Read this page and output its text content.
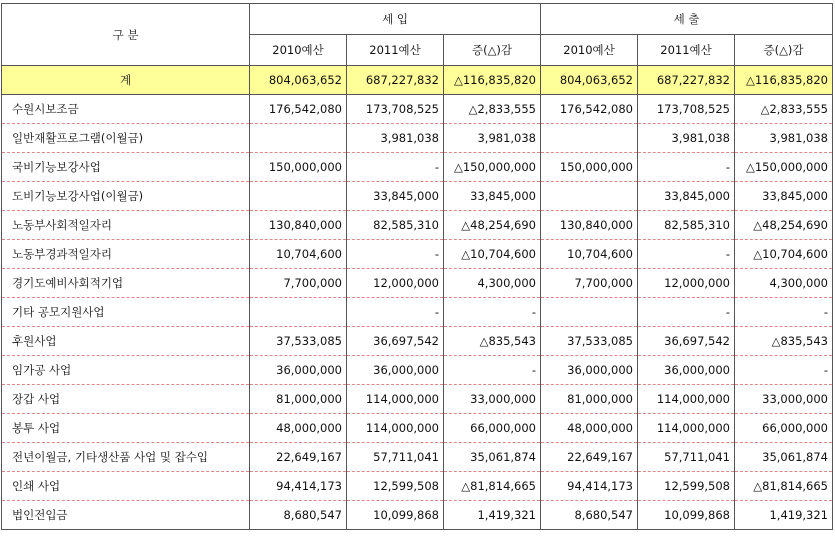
구 분	세 입			세 출		
	2010예산	2011예산	증(△)감	2010예산	2011예산	증(△)감
계	804,063,652	687,227,832	△116,835,820	804,063,652	687,227,832	△116,835,820
수원시보조금	176,542,080	173,708,525	△2,833,555	176,542,080	173,708,525	△2,833,555
일반재활프로그램(이월금)		3,981,038	3,981,038		3,981,038	3,981,038
국비기능보강사업	150,000,000	-	△150,000,000	150,000,000	-	△150,000,000
도비기능보강사업(이월금)		33,845,000	33,845,000		33,845,000	33,845,000
노동부사회적일자리	130,840,000	82,585,310	△48,254,690	130,840,000	82,585,310	△48,254,690
노동부경과적일자리	10,704,600	-	△10,704,600	10,704,600	-	△10,704,600
경기도예비사회적기업	7,700,000	12,000,000	4,300,000	7,700,000	12,000,000	4,300,000
기타 공모지원사업		-	-		-	-
후원사업	37,533,085	36,697,542	△835,543	37,533,085	36,697,542	△835,543
임가공 사업	36,000,000	36,000,000	-	36,000,000	36,000,000	-
장갑 사업	81,000,000	114,000,000	33,000,000	81,000,000	114,000,000	33,000,000
봉투 사업	48,000,000	114,000,000	66,000,000	48,000,000	114,000,000	66,000,000
전년이월금, 기타생산품 사업 및 잡수입	22,649,167	57,711,041	35,061,874	22,649,167	57,711,041	35,061,874
인쇄 사업	94,414,173	12,599,508	△81,814,665	94,414,173	12,599,508	△81,814,665
법인전입금	8,680,547	10,099,868	1,419,321	8,680,547	10,099,868	1,419,321
